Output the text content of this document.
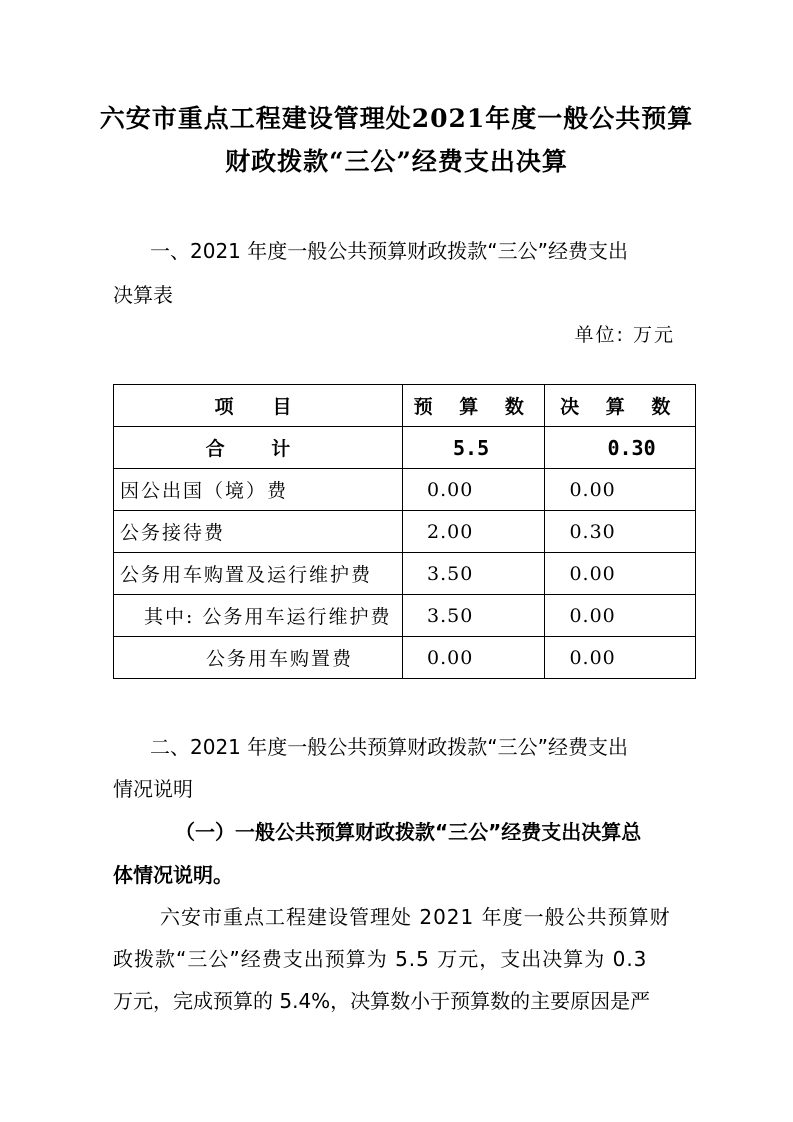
六安市重点工程建设管理处2021年度一般公共预算
财政拨款“三公”经费支出决算
一、2021 年度一般公共预算财政拨款“三公”经费支出
决算表
单位: 万元
项　目	预 算 数	决 算 数
合 计	5.5	0.30
因公出国（境）费	0.00	0.00
公务接待费	2.00	0.30
公务用车购置及运行维护费	3.50	0.00
其中: 公务用车运行维护费	3.50	0.00
公务用车购置费	0.00	0.00
二、2021 年度一般公共预算财政拨款“三公”经费支出
情况说明
（一）一般公共预算财政拨款“三公”经费支出决算总
体情况说明。
六安市重点工程建设管理处 2021 年度一般公共预算财
政拨款“三公”经费支出预算为 5.5 万元，支出决算为 0.3
万元，完成预算的 5.4%，决算数小于预算数的主要原因是严
